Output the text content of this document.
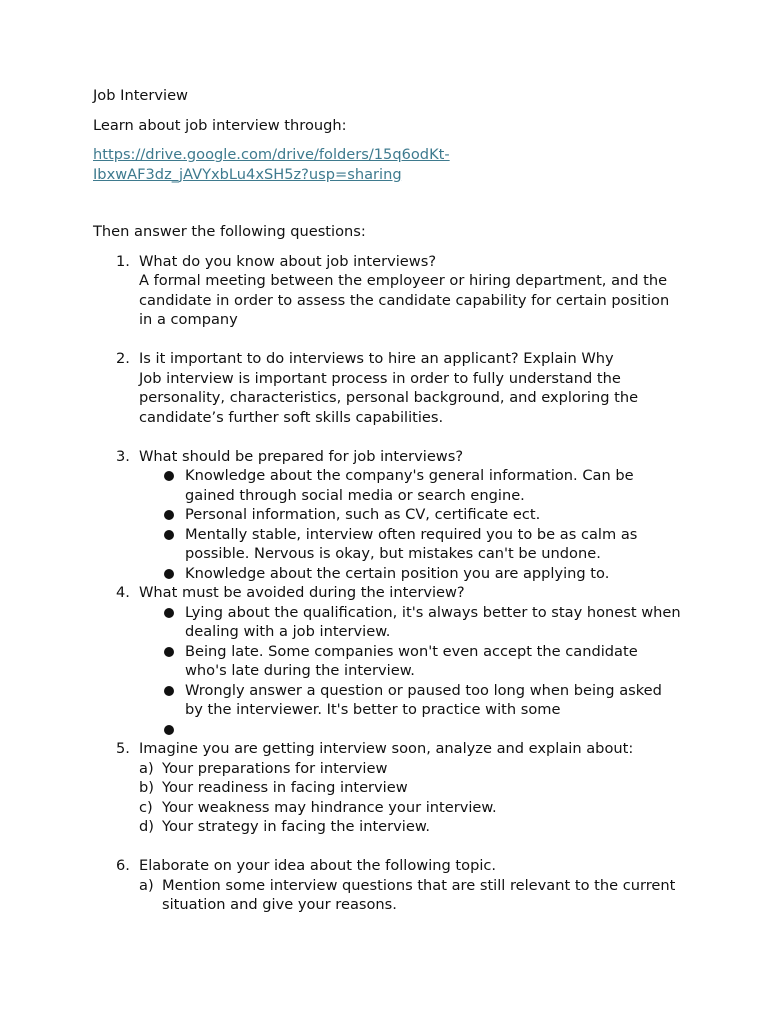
Job Interview

Learn about job interview through:

https://drive.google.com/drive/folders/15q6odKt-
IbxwAF3dz_jAVYxbLu4xSH5z?usp=sharing

Then answer the following questions:

1. What do you know about job interviews?

A formal meeting between the employeer or hiring department, and the candidate in order to assess the candidate capability for certain position in a company

2. Is it important to do interviews to hire an applicant? Explain Why

Job interview is important process in order to fully understand the personality, characteristics, personal background, and exploring the candidate’s further soft skills capabilities.

3. What should be prepared for job interviews?

Knowledge about the company's general information. Can be gained through social media or search engine.
Personal information, such as CV, certificate ect.
Mentally stable, interview often required you to be as calm as possible. Nervous is okay, but mistakes can't be undone.
Knowledge about the certain position you are applying to.
4. What must be avoided during the interview?

Lying about the qualification, it's always better to stay honest when dealing with a job interview.
Being late. Some companies won't even accept the candidate who's late during the interview.
Wrongly answer a question or paused too long when being asked by the interviewer. It's better to practice with some
5. Imagine you are getting interview soon, analyze and explain about:

a) Your preparations for interview
b) Your readiness in facing interview
c) Your weakness may hindrance your interview.
d) Your strategy in facing the interview.
6. Elaborate on your idea about the following topic.

a) Mention some interview questions that are still relevant to the current situation and give your reasons.
